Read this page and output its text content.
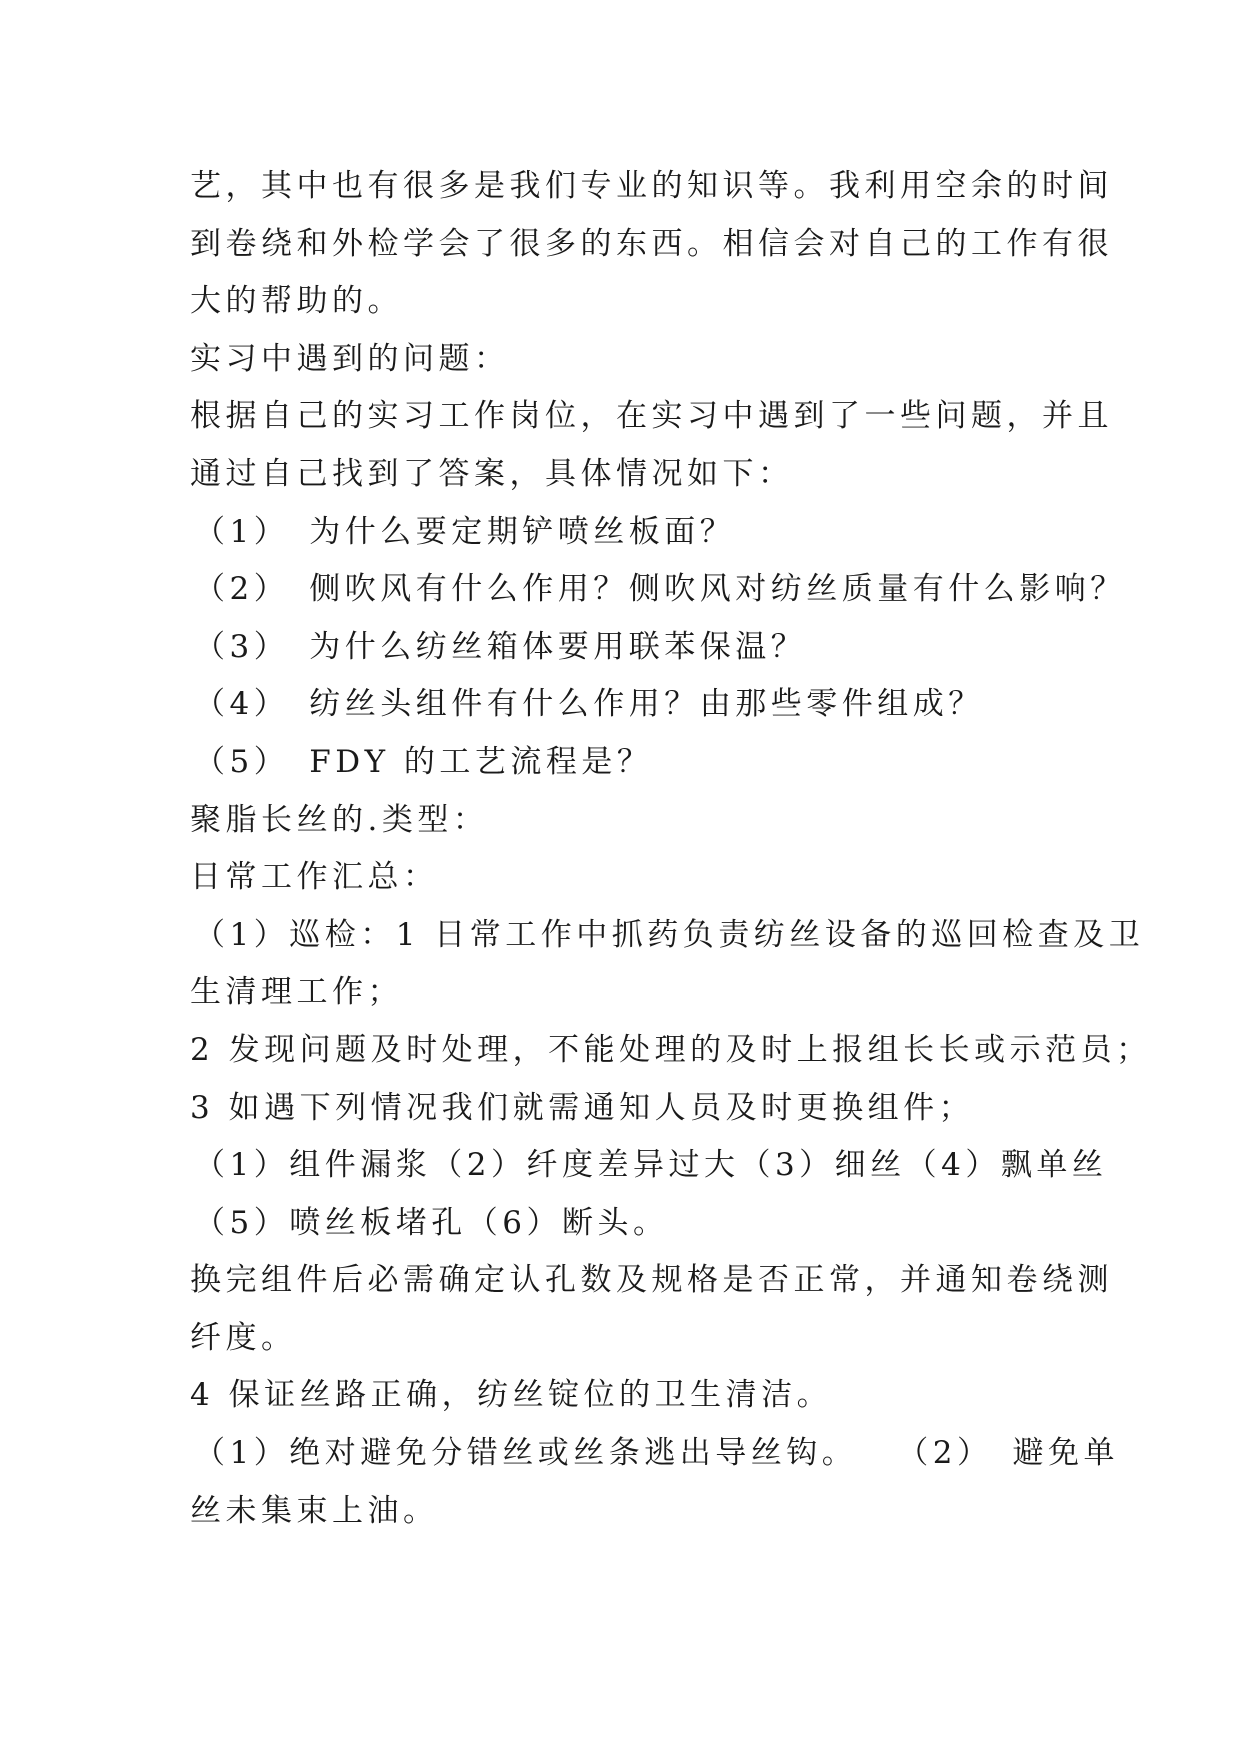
艺，其中也有很多是我们专业的知识等。我利用空余的时间
到卷绕和外检学会了很多的东西。相信会对自己的工作有很
大的帮助的。
实习中遇到的问题：
根据自己的实习工作岗位，在实习中遇到了一些问题，并且
通过自己找到了答案，具体情况如下：
（1）　为什么要定期铲喷丝板面？
（2）　侧吹风有什么作用？侧吹风对纺丝质量有什么影响？
（3）　为什么纺丝箱体要用联苯保温？
（4）　纺丝头组件有什么作用？由那些零件组成？
（5）　FDY 的工艺流程是？
聚脂长丝的.类型：
日常工作汇总：
（1）巡检：1 日常工作中抓药负责纺丝设备的巡回检查及卫
生清理工作；
2 发现问题及时处理，不能处理的及时上报组长长或示范员；
3 如遇下列情况我们就需通知人员及时更换组件；
（1）组件漏浆（2）纤度差异过大（3）细丝（4）飘单丝
（5）喷丝板堵孔（6）断头。
换完组件后必需确定认孔数及规格是否正常，并通知卷绕测
纤度。
4 保证丝路正确，纺丝锭位的卫生清洁。
（1）绝对避免分错丝或丝条逃出导丝钩。　　（2）　避免单
丝未集束上油。
